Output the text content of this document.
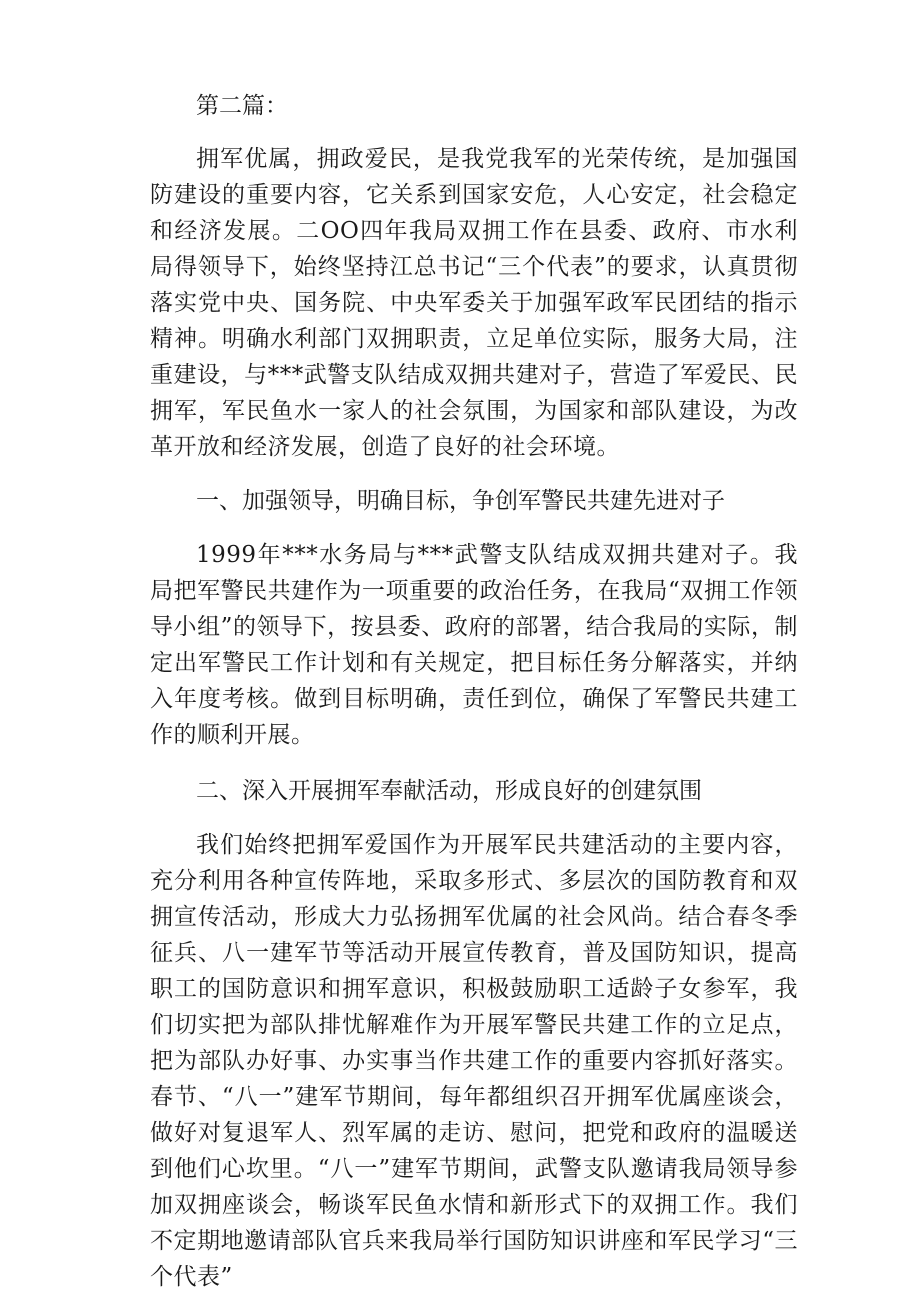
第二篇：

拥军优属，拥政爱民，是我党我军的光荣传统，是加强国防建设的重要内容，它关系到国家安危，人心安定，社会稳定和经济发展。二OO四年我局双拥工作在县委、政府、市水利局得领导下，始终坚持江总书记“三个代表”的要求，认真贯彻落实党中央、国务院、中央军委关于加强军政军民团结的指示精神。明确水利部门双拥职责，立足单位实际，服务大局，注重建设，与***武警支队结成双拥共建对子，营造了军爱民、民拥军，军民鱼水一家人的社会氛围，为国家和部队建设，为改革开放和经济发展，创造了良好的社会环境。

一、加强领导，明确目标，争创军警民共建先进对子

1999年***水务局与***武警支队结成双拥共建对子。我局把军警民共建作为一项重要的政治任务，在我局“双拥工作领导小组”的领导下，按县委、政府的部署，结合我局的实际，制定出军警民工作计划和有关规定，把目标任务分解落实，并纳入年度考核。做到目标明确，责任到位，确保了军警民共建工作的顺利开展。

二、深入开展拥军奉献活动，形成良好的创建氛围

我们始终把拥军爱国作为开展军民共建活动的主要内容，充分利用各种宣传阵地，采取多形式、多层次的国防教育和双拥宣传活动，形成大力弘扬拥军优属的社会风尚。结合春冬季征兵、八一建军节等活动开展宣传教育，普及国防知识，提高职工的国防意识和拥军意识，积极鼓励职工适龄子女参军，我们切实把为部队排忧解难作为开展军警民共建工作的立足点，把为部队办好事、办实事当作共建工作的重要内容抓好落实。春节、“八一”建军节期间，每年都组织召开拥军优属座谈会，做好对复退军人、烈军属的走访、慰问，把党和政府的温暖送到他们心坎里。“八一”建军节期间，武警支队邀请我局领导参加双拥座谈会，畅谈军民鱼水情和新形式下的双拥工作。我们不定期地邀请部队官兵来我局举行国防知识讲座和军民学习“三个代表”
